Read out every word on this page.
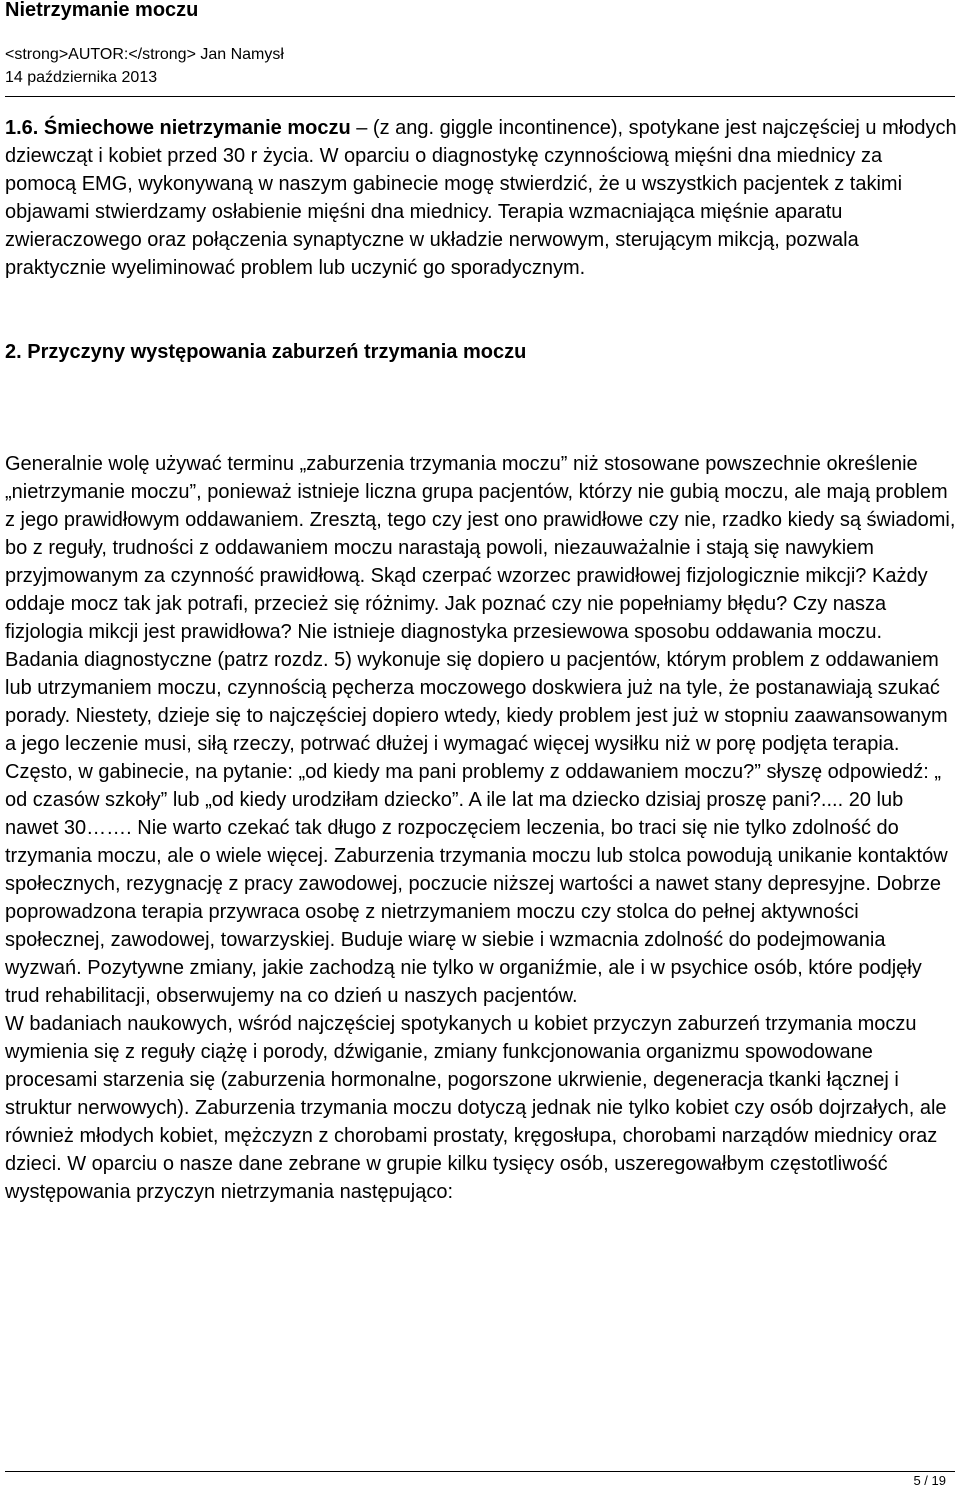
Nietrzymanie moczu
<strong>AUTOR:</strong> Jan Namysł
14 października 2013

1.6. Śmiechowe nietrzymanie moczu – (z ang. giggle incontinence), spotykane jest najczęściej u młodych dziewcząt i kobiet przed 30 r życia. W oparciu o diagnostykę czynnościową mięśni dna miednicy za pomocą EMG, wykonywaną w naszym gabinecie mogę stwierdzić, że u wszystkich pacjentek z takimi objawami stwierdzamy osłabienie mięśni dna miednicy. Terapia wzmacniająca mięśnie aparatu zwieraczowego oraz połączenia synaptyczne w układzie nerwowym, sterującym mikcją, pozwala praktycznie wyeliminować problem lub uczynić go sporadycznym.

2. Przyczyny występowania zaburzeń trzymania moczu

Generalnie wolę używać terminu „zaburzenia trzymania moczu” niż stosowane powszechnie określenie „nietrzymanie moczu”, ponieważ istnieje liczna grupa pacjentów, którzy nie gubią moczu, ale mają problem z jego prawidłowym oddawaniem. Zresztą, tego czy jest ono prawidłowe czy nie, rzadko kiedy są świadomi, bo z reguły, trudności z oddawaniem moczu narastają powoli, niezauważalnie i stają się nawykiem przyjmowanym za czynność prawidłową. Skąd czerpać wzorzec prawidłowej fizjologicznie mikcji? Każdy oddaje mocz tak jak potrafi, przecież się różnimy. Jak poznać czy nie popełniamy błędu? Czy nasza fizjologia mikcji jest prawidłowa? Nie istnieje diagnostyka przesiewowa sposobu oddawania moczu. Badania diagnostyczne (patrz rozdz. 5) wykonuje się dopiero u pacjentów, którym problem z oddawaniem lub utrzymaniem moczu, czynnością pęcherza moczowego doskwiera już na tyle, że postanawiają szukać porady. Niestety, dzieje się to najczęściej dopiero wtedy, kiedy problem jest już w stopniu zaawansowanym a jego leczenie musi, siłą rzeczy, potrwać dłużej i wymagać więcej wysiłku niż w porę podjęta terapia. Często, w gabinecie, na pytanie: „od kiedy ma pani problemy z oddawaniem moczu?” słyszę odpowiedź: „ od czasów szkoły” lub „od kiedy urodziłam dziecko”. A ile lat ma dziecko dzisiaj proszę pani?.... 20 lub nawet 30……. Nie warto czekać tak długo z rozpoczęciem leczenia, bo traci się nie tylko zdolność do trzymania moczu, ale o wiele więcej. Zaburzenia trzymania moczu lub stolca powodują unikanie kontaktów społecznych, rezygnację z pracy zawodowej, poczucie niższej wartości a nawet stany depresyjne. Dobrze poprowadzona terapia przywraca osobę z nietrzymaniem moczu czy stolca do pełnej aktywności społecznej, zawodowej, towarzyskiej. Buduje wiarę w siebie i wzmacnia zdolność do podejmowania wyzwań. Pozytywne zmiany, jakie zachodzą nie tylko w organiźmie, ale i w psychice osób, które podjęły trud rehabilitacji, obserwujemy na co dzień u naszych pacjentów.

W badaniach naukowych, wśród najczęściej spotykanych u kobiet przyczyn zaburzeń trzymania moczu wymienia się z reguły ciążę i porody, dźwiganie, zmiany funkcjonowania organizmu spowodowane procesami starzenia się (zaburzenia hormonalne, pogorszone ukrwienie, degeneracja tkanki łącznej i struktur nerwowych). Zaburzenia trzymania moczu dotyczą jednak nie tylko kobiet czy osób dojrzałych, ale również młodych kobiet, mężczyzn z chorobami prostaty, kręgosłupa, chorobami narządów miednicy oraz dzieci. W oparciu o nasze dane zebrane w grupie kilku tysięcy osób, uszeregowałbym częstotliwość występowania przyczyn nietrzymania następująco:

5 / 19
